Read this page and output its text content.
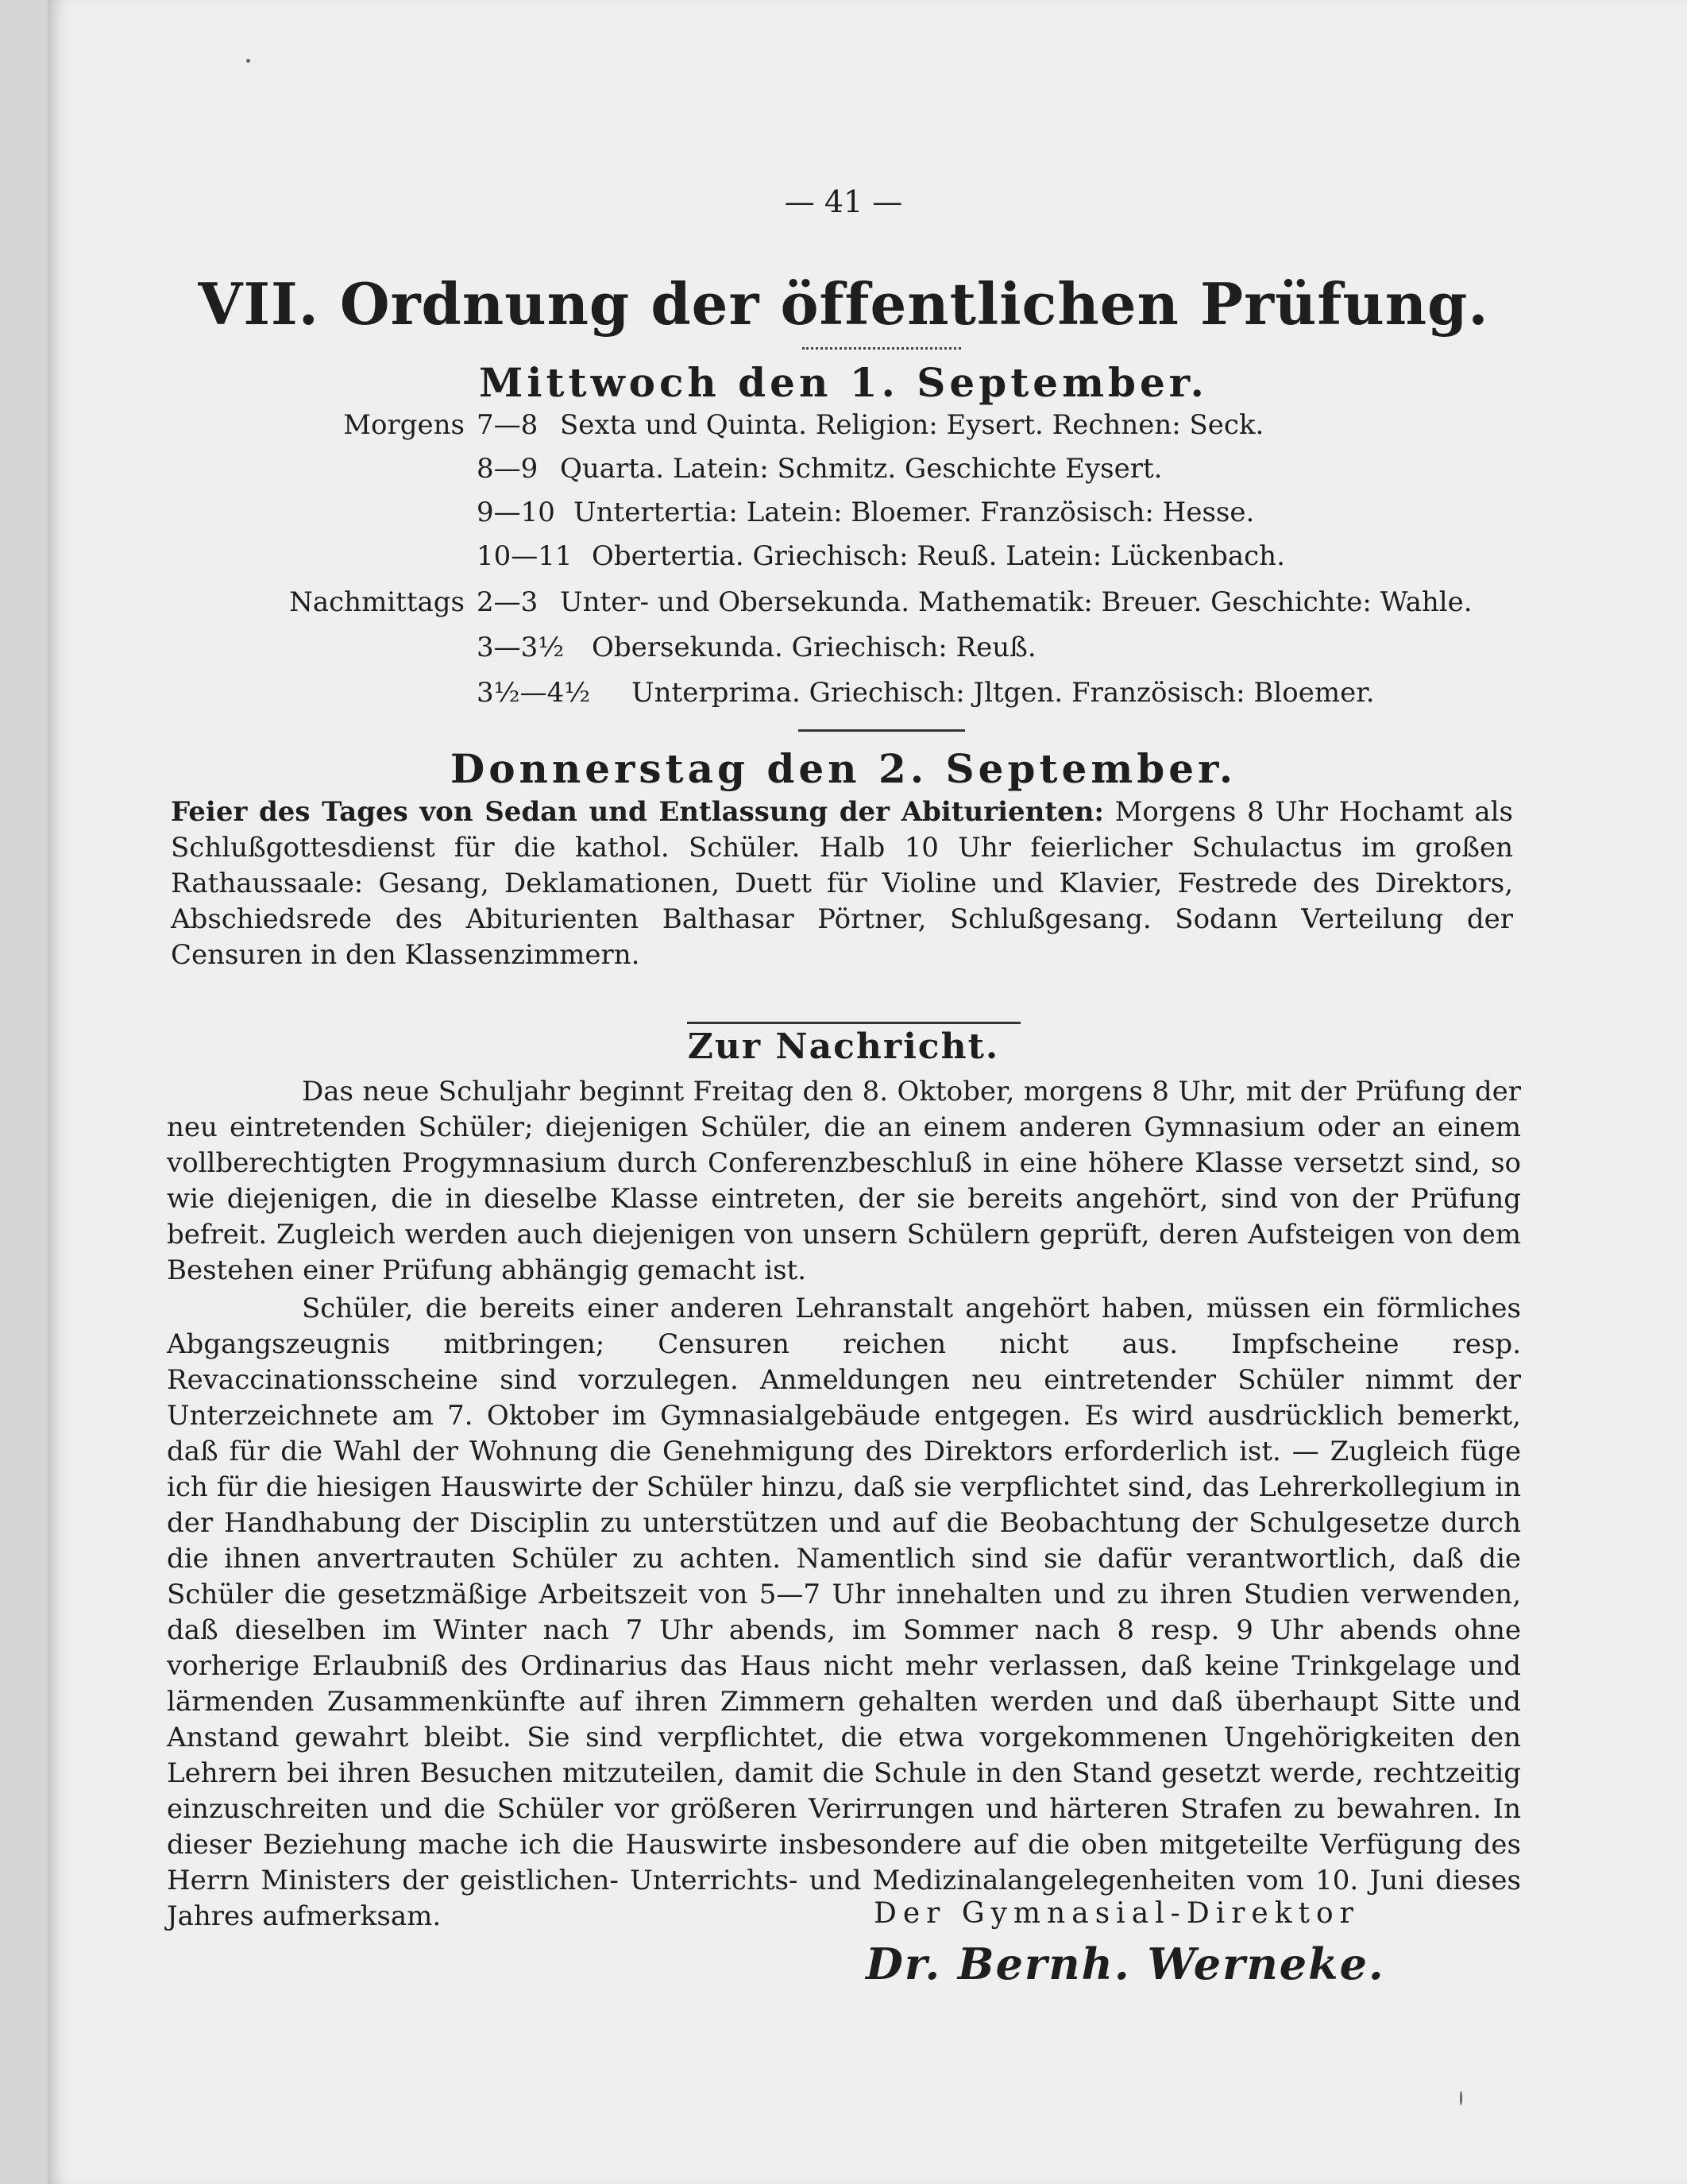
— 41 —
VII. Ordnung der öffentlichen Prüfung.
Mittwoch den 1. September.
Morgens 7—8 Sexta und Quinta. Religion: Eysert. Rechnen: Seck.
8—9 Quarta. Latein: Schmitz. Geschichte Eysert.
9—10 Untertertia: Latein: Bloemer. Französisch: Hesse.
10—11 Obertertia. Griechisch: Reuß. Latein: Lückenbach.
Nachmittags 2—3 Unter- und Obersekunda. Mathematik: Breuer. Geschichte: Wahle.
3—3½ Obersekunda. Griechisch: Reuß.
3½—4½ Unterprima. Griechisch: Jltgen. Französisch: Bloemer.
Donnerstag den 2. September.
Feier des Tages von Sedan und Entlassung der Abiturienten: Morgens 8 Uhr Hochamt als Schlußgottesdienst für die kathol. Schüler. Halb 10 Uhr feierlicher Schulactus im großen Rathaussaale: Gesang, Deklamationen, Duett für Violine und Klavier, Festrede des Direktors, Abschiedsrede des Abiturienten Balthasar Pörtner, Schlußgesang. Sodann Verteilung der Censuren in den Klassenzimmern.
Zur Nachricht.
Das neue Schuljahr beginnt Freitag den 8. Oktober, morgens 8 Uhr, mit der Prüfung der neu eintretenden Schüler; diejenigen Schüler, die an einem anderen Gymnasium oder an einem vollberechtigten Progymnasium durch Conferenzbeschluß in eine höhere Klasse versetzt sind, so wie diejenigen, die in dieselbe Klasse eintreten, der sie bereits angehört, sind von der Prüfung befreit. Zugleich werden auch diejenigen von unsern Schülern geprüft, deren Aufsteigen von dem Bestehen einer Prüfung abhängig gemacht ist.
Schüler, die bereits einer anderen Lehranstalt angehört haben, müssen ein förmliches Abgangszeugnis mitbringen; Censuren reichen nicht aus. Impfscheine resp. Revaccinationsscheine sind vorzulegen. Anmeldungen neu eintretender Schüler nimmt der Unterzeichnete am 7. Oktober im Gymnasialgebäude entgegen. Es wird ausdrücklich bemerkt, daß für die Wahl der Wohnung die Genehmigung des Direktors erforderlich ist. — Zugleich füge ich für die hiesigen Hauswirte der Schüler hinzu, daß sie verpflichtet sind, das Lehrerkollegium in der Handhabung der Disciplin zu unterstützen und auf die Beobachtung der Schulgesetze durch die ihnen anvertrauten Schüler zu achten. Namentlich sind sie dafür verantwortlich, daß die Schüler die gesetzmäßige Arbeitszeit von 5—7 Uhr innehalten und zu ihren Studien verwenden, daß dieselben im Winter nach 7 Uhr abends, im Sommer nach 8 resp. 9 Uhr abends ohne vorherige Erlaubniß des Ordinarius das Haus nicht mehr verlassen, daß keine Trinkgelage und lärmenden Zusammenkünfte auf ihren Zimmern gehalten werden und daß überhaupt Sitte und Anstand gewahrt bleibt. Sie sind verpflichtet, die etwa vorgekommenen Ungehörigkeiten den Lehrern bei ihren Besuchen mitzuteilen, damit die Schule in den Stand gesetzt werde, rechtzeitig einzuschreiten und die Schüler vor größeren Verirrungen und härteren Strafen zu bewahren. In dieser Beziehung mache ich die Hauswirte insbesondere auf die oben mitgeteilte Verfügung des Herrn Ministers der geistlichen- Unterrichts- und Medizinalangelegenheiten vom 10. Juni dieses Jahres aufmerksam.	Der Gymnasial-Direktor
Dr. Bernh. Werneke.
